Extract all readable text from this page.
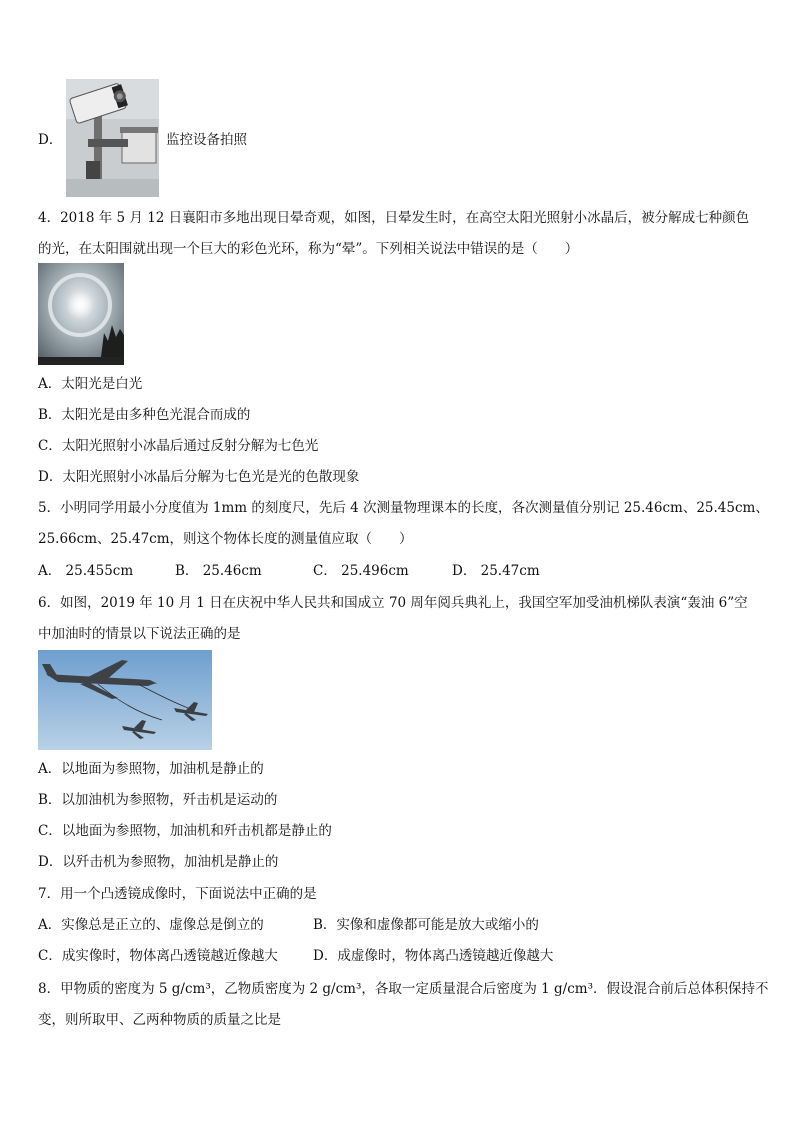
D．	监控设备拍照
4．2018 年 5 月 12 日襄阳市多地出现日晕奇观，如图，日晕发生时，在高空太阳光照射小冰晶后，被分解成七种颜色
的光，在太阳围就出现一个巨大的彩色光环，称为“晕”。下列相关说法中错误的是（　　）
A．太阳光是白光
B．太阳光是由多种色光混合而成的
C．太阳光照射小冰晶后通过反射分解为七色光
D．太阳光照射小冰晶后分解为七色光是光的色散现象
5．小明同学用最小分度值为 1mm 的刻度尺，先后 4 次测量物理课本的长度，各次测量值分别记 25.46cm、25.45cm、
25.66cm、25.47cm，则这个物体长度的测量值应取（　　）
A． 25.455cm	B． 25.46cm	C． 25.496cm	D． 25.47cm
6．如图，2019 年 10 月 1 日在庆祝中华人民共和国成立 70 周年阅兵典礼上，我国空军加受油机梯队表演“轰油 6”空
中加油时的情景以下说法正确的是
A．以地面为参照物，加油机是静止的
B．以加油机为参照物，歼击机是运动的
C．以地面为参照物，加油机和歼击机都是静止的
D．以歼击机为参照物，加油机是静止的
7．用一个凸透镜成像时，下面说法中正确的是
A．实像总是正立的、虚像总是倒立的	B．实像和虚像都可能是放大或缩小的
C．成实像时，物体离凸透镜越近像越大	D．成虚像时，物体离凸透镜越近像越大
8．甲物质的密度为 5 g/cm³，乙物质密度为 2 g/cm³，各取一定质量混合后密度为 1 g/cm³．假设混合前后总体积保持不
变，则所取甲、乙两种物质的质量之比是
